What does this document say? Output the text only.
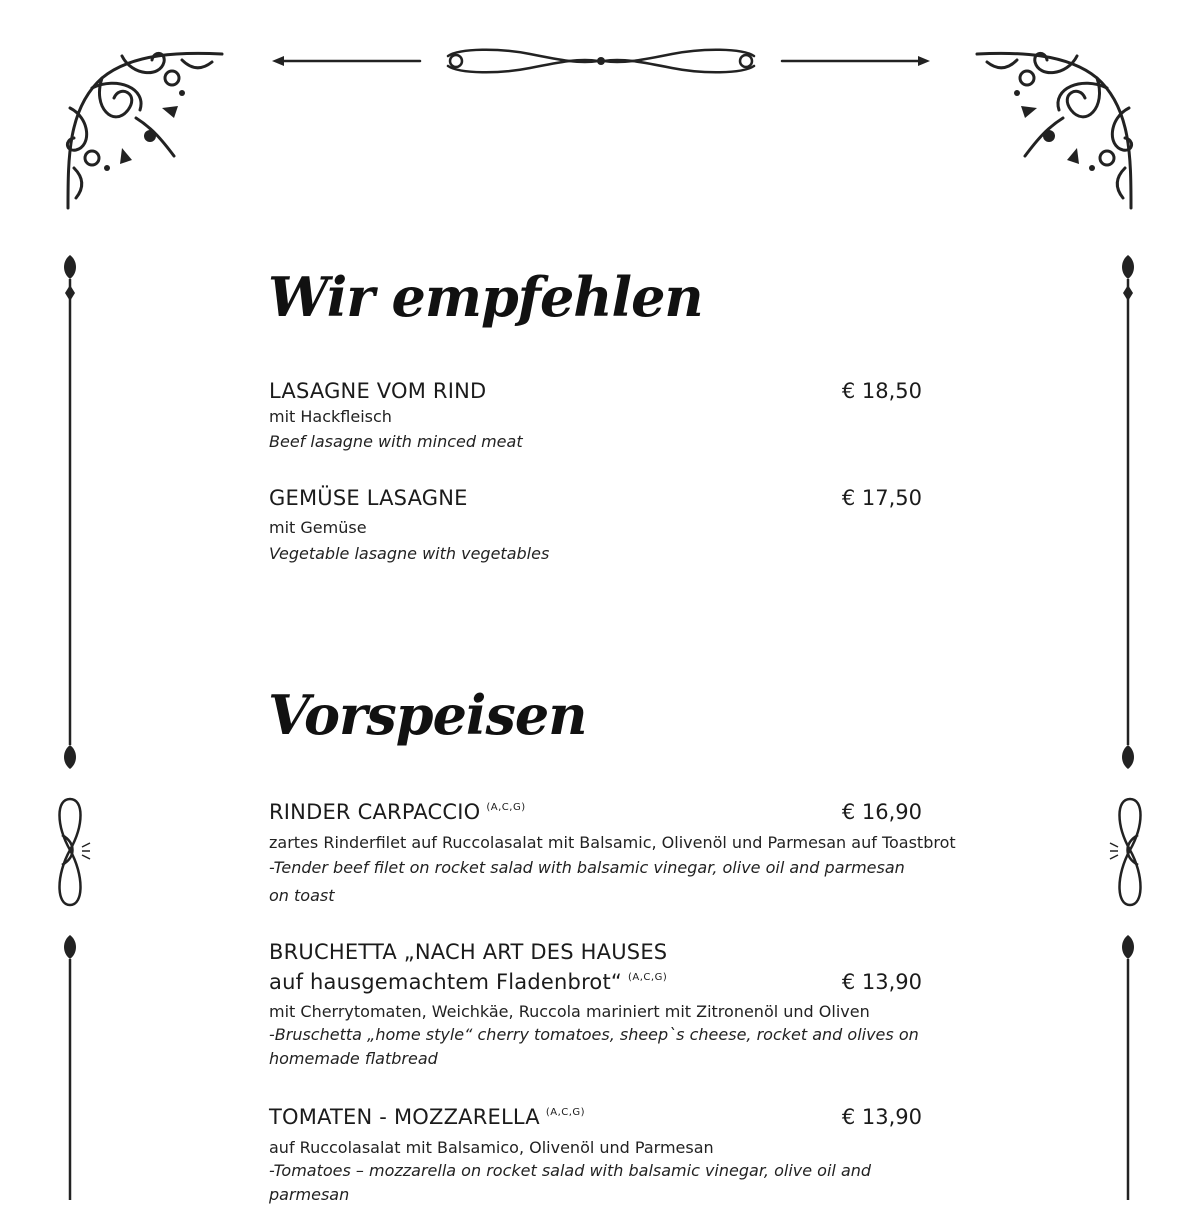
Wir empfehlen
LASAGNE VOM RIND	€ 18,50
mit Hackfleisch
Beef lasagne with minced meat
GEMÜSE LASAGNE	€ 17,50
mit Gemüse
Vegetable lasagne with vegetables
Vorspeisen
RINDER CARPACCIO $^{(A,C,G)}$	€ 16,90
zartes Rinderfilet auf Ruccolasalat mit Balsamic, Olivenöl und Parmesan auf Toastbrot
-Tender beef filet on rocket salad with balsamic vinegar, olive oil and parmesan on toast
BRUCHETTA „NACH ART DES HAUSES
auf hausgemachtem Fladenbrot“ $^{(A,C,G)}$	€ 13,90
mit Cherrytomaten, Weichkäe, Ruccola mariniert mit Zitronenöl und Oliven
-Bruschetta „home style“ cherry tomatoes, sheep`s cheese, rocket and olives on homemade flatbread
TOMATEN - MOZZARELLA $^{(A,C,G)}$	€ 13,90
auf Ruccolasalat mit Balsamico, Olivenöl und Parmesan
-Tomatoes – mozzarella on rocket salad with balsamic vinegar, olive oil and parmesan
